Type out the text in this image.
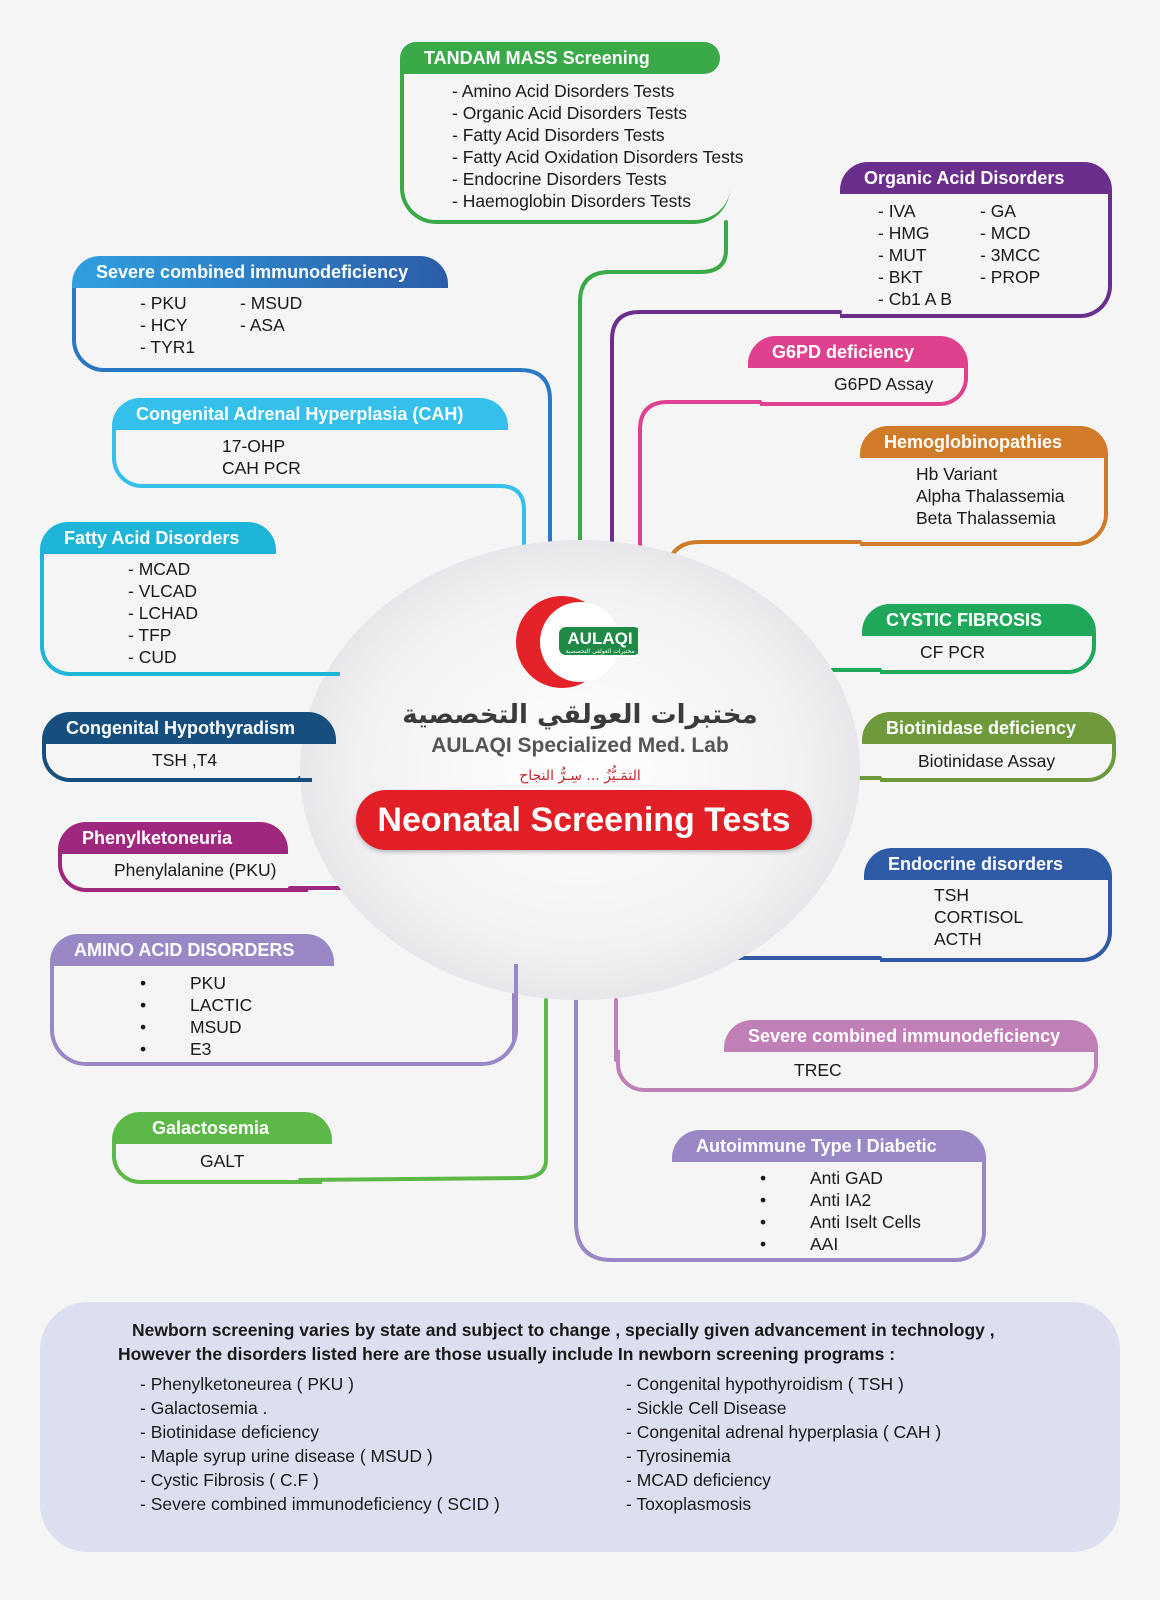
AULAQI
مختبرات العولقي التخصصية
مختبرات العولقي التخصصية
AULAQI Specialized Med. Lab
التمَـيُّزُ ... سِـرُّ النجاح
Neonatal Screening Tests
TANDAM MASS Screening
- Amino Acid Disorders Tests
- Organic Acid Disorders Tests
- Fatty Acid Disorders Tests
- Fatty Acid Oxidation Disorders Tests
- Endocrine Disorders Tests
- Haemoglobin Disorders Tests
Organic Acid Disorders
- IVA
- HMG
- MUT
- BKT
- Cb1 A B
- GA
- MCD
- 3MCC
- PROP
Severe combined immunodeficiency
- PKU
- HCY
- TYR1
- MSUD
- ASA
G6PD deficiency
G6PD Assay
Congenital Adrenal Hyperplasia (CAH)
17-OHP
CAH PCR
Hemoglobinopathies
Hb Variant
Alpha Thalassemia
Beta Thalassemia
Fatty Acid Disorders
- MCAD
- VLCAD
- LCHAD
- TFP
- CUD
CYSTIC FIBROSIS
CF PCR
Congenital Hypothyradism
TSH ,T4
Biotinidase deficiency
Biotinidase Assay
Phenylketoneuria
Phenylalanine (PKU)	Endocrine disorders
TSH
CORTISOL
ACTH
AMINO ACID DISORDERS
• PKU
• LACTIC
• MSUD
• E3
Severe combined immunodeficiency
TREC
Galactosemia
GALT
Autoimmune Type I Diabetic
• Anti GAD
• Anti IA2
• Anti Iselt Cells
• AAI
Newborn screening varies by state and subject to change , specially given advancement in technology ,
However the disorders listed here are those usually include In newborn screening programs :
- Phenylketoneurea ( PKU )
- Galactosemia .
- Biotinidase deficiency
- Maple syrup urine disease ( MSUD )
- Cystic Fibrosis ( C.F )
- Severe combined immunodeficiency ( SCID )
- Congenital hypothyroidism ( TSH )
- Sickle Cell Disease
- Congenital adrenal hyperplasia ( CAH )
- Tyrosinemia
- MCAD deficiency
- Toxoplasmosis
